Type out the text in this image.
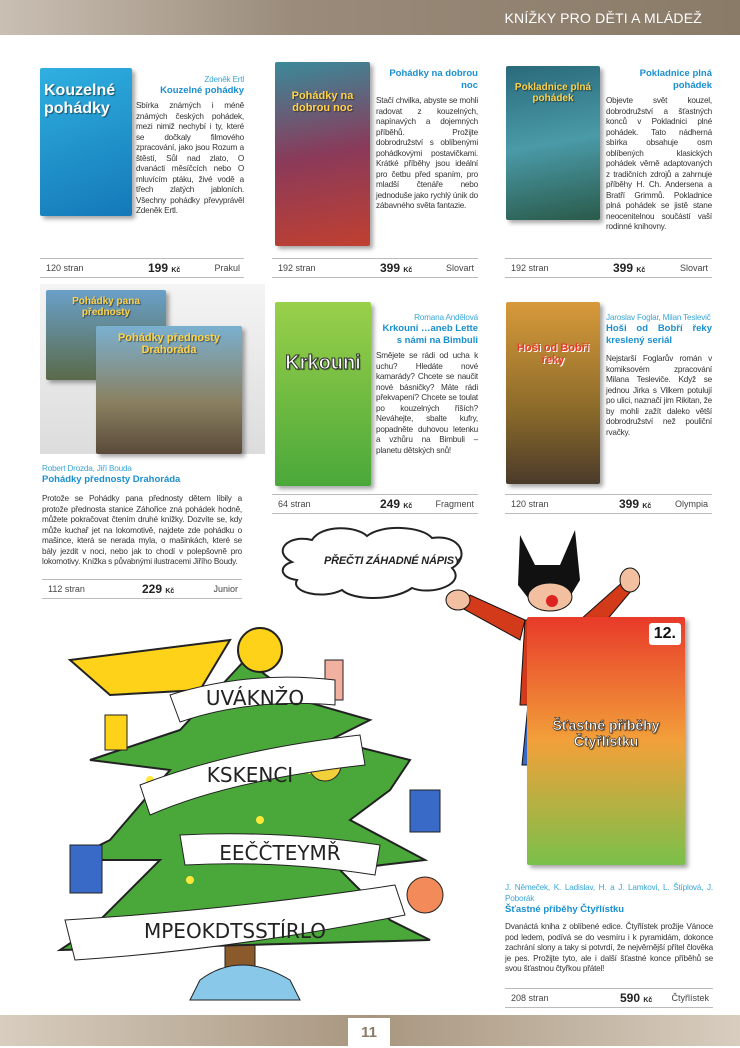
KNÍŽKY PRO DĚTI A MLÁDEŽ
Kouzelné pohádky
Zdeněk Ertl
Kouzelné pohádky
Sbírka známých i méně známých českých pohádek, mezi nimiž nechybí i ty, které se dočkaly filmového zpracování, jako jsou Rozum a štěstí, Sůl nad zlato, O dvanácti měsíčcích nebo O mluvícím ptáku, živé vodě a třech zlatých jabloních. Všechny pohádky převyprávěl Zdeněk Ertl.
120 stran	199 Kč	Prakul
Pohádky na dobrou noc
Pohádky na dobrou noc
Stačí chvilka, abyste se mohli radovat z kouzelných, napínavých a dojemných příběhů. Prožijte dobrodružství s oblíbenými pohádkovými postavičkami. Krátké příběhy jsou ideální pro četbu před spaním, pro mladší čtenáře nebo jednoduše jako rychlý únik do zábavného světa fantazie.
192 stran	399 Kč	Slovart
Pokladnice plná pohádek
Pokladnice plná pohádek
Objevte svět kouzel, dobrodružství a šťastných konců v Pokladnici plné pohádek. Tato nádherná sbírka obsahuje osm oblíbených klasických pohádek věrně adaptovaných z tradičních zdrojů a zahrnuje příběhy H. Ch. Andersena a Bratří Grimmů. Pokladnice plná pohádek se jistě stane neocenitelnou součástí vaší rodinné knihovny.
192 stran	399 Kč	Slovart
Pohádky pana přednosty
Pohádky přednosty Drahoráda
Robert Drozda, Jiří Bouda
Pohádky přednosty Drahoráda
Protože se Pohádky pana přednosty dětem líbily a protože přednosta stanice Záhořice zná pohádek hodně, můžete pokračovat čtením druhé knížky. Dozvíte se, kdy může kuchař jet na lokomotivě, najdete zde pohádku o mašince, která se nerada myla, o mašinkách, které se bály jezdit v noci, nebo jak to chodí v polepšovně pro lokomotivy. Knížka s půvabnými ilustracemi Jiřího Boudy.
112 stran	229 Kč	Junior
Krkouni
Romana Andělová
Krkouni …aneb Lette s námi na Bimbuli
Smějete se rádi od ucha k uchu? Hledáte nové kamarády? Chcete se naučit nové básničky? Máte rádi překvapení? Chcete se toulat po kouzelných říších? Neváhejte, sbalte kufry, popadněte duhovou letenku a vzhůru na Bimbuli – planetu dětských snů!
64 stran	249 Kč	Fragment
Hoši od Bobří řeky
Jaroslav Foglar, Milan Teslevič
Hoši od Bobří řeky kreslený seriál
Nejstarší Foglarův román v komiksovém zpracování Milana Tesleviče. Když se jednou Jirka s Vilkem potulují po ulici, naznačí jim Rikitan, že by mohli zažít daleko větší dobrodružství než pouliční rvačky.
120 stran	399 Kč	Olympia
PŘEČTI ZÁHADNÉ NÁPISY
12.
Šťastné příběhy Čtyřlístku
J. Němeček, K. Ladislav, H. a J. Lamkovi, L. Štíplová, J. Poborák
Šťastné příběhy Čtyřlístku
Dvanáctá kniha z oblíbené edice. Čtyřlístek prožije Vánoce pod ledem, podívá se do vesmíru i k pyramidám, dokonce zachrání slony a taky si potvrdí, že nejvěrnější přítel člověka je pes. Prožijte tyto, ale i další šťastné konce příběhů se svou šťastnou čtyřkou přátel!
208 stran	590 Kč Čtyřlístek
UVÁKNŽO
KSKENCI
EEČČTEYMŘ
MPEOKDTSSTÍRLO
11
